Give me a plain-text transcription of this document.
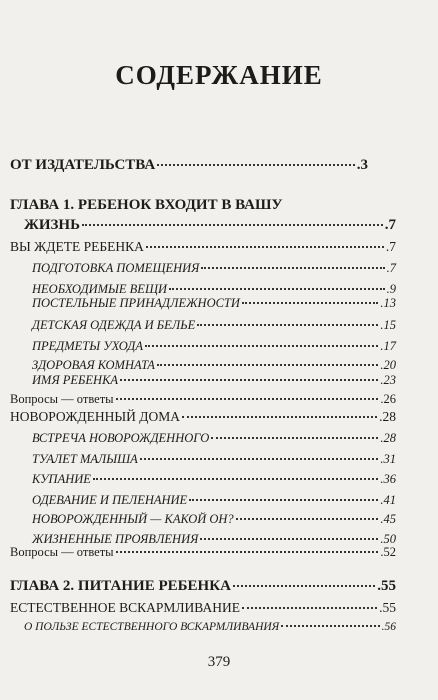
СОДЕРЖАНИЕ
ОТ ИЗДАТЕЛЬСТВА	.3
ГЛАВА 1. РЕБЕНОК ВХОДИТ В ВАШУ
ЖИЗНЬ	.7
ВЫ ЖДЕТЕ РЕБЕНКА	.7
ПОДГОТОВКА ПОМЕЩЕНИЯ	.7
НЕОБХОДИМЫЕ ВЕЩИ	.9
ПОСТЕЛЬНЫЕ ПРИНАДЛЕЖНОСТИ	.13
ДЕТСКАЯ ОДЕЖДА И БЕЛЬЕ	.15
ПРЕДМЕТЫ УХОДА	.17
ЗДОРОВАЯ КОМНАТА	.20
ИМЯ РЕБЕНКА	.23
Вопросы — ответы	.26
НОВОРОЖДЕННЫЙ ДОМА	.28
ВСТРЕЧА НОВОРОЖДЕННОГО	.28
ТУАЛЕТ МАЛЫША	.31
КУПАНИЕ	.36
ОДЕВАНИЕ И ПЕЛЕНАНИЕ	.41
НОВОРОЖДЕННЫЙ — КАКОЙ ОН?	.45
ЖИЗНЕННЫЕ ПРОЯВЛЕНИЯ	.50
Вопросы — ответы	.52
ГЛАВА 2. ПИТАНИЕ РЕБЕНКА	.55
ЕСТЕСТВЕННОЕ ВСКАРМЛИВАНИЕ	.55
О ПОЛЬЗЕ ЕСТЕСТВЕННОГО ВСКАРМЛИВАНИЯ	.56
379
